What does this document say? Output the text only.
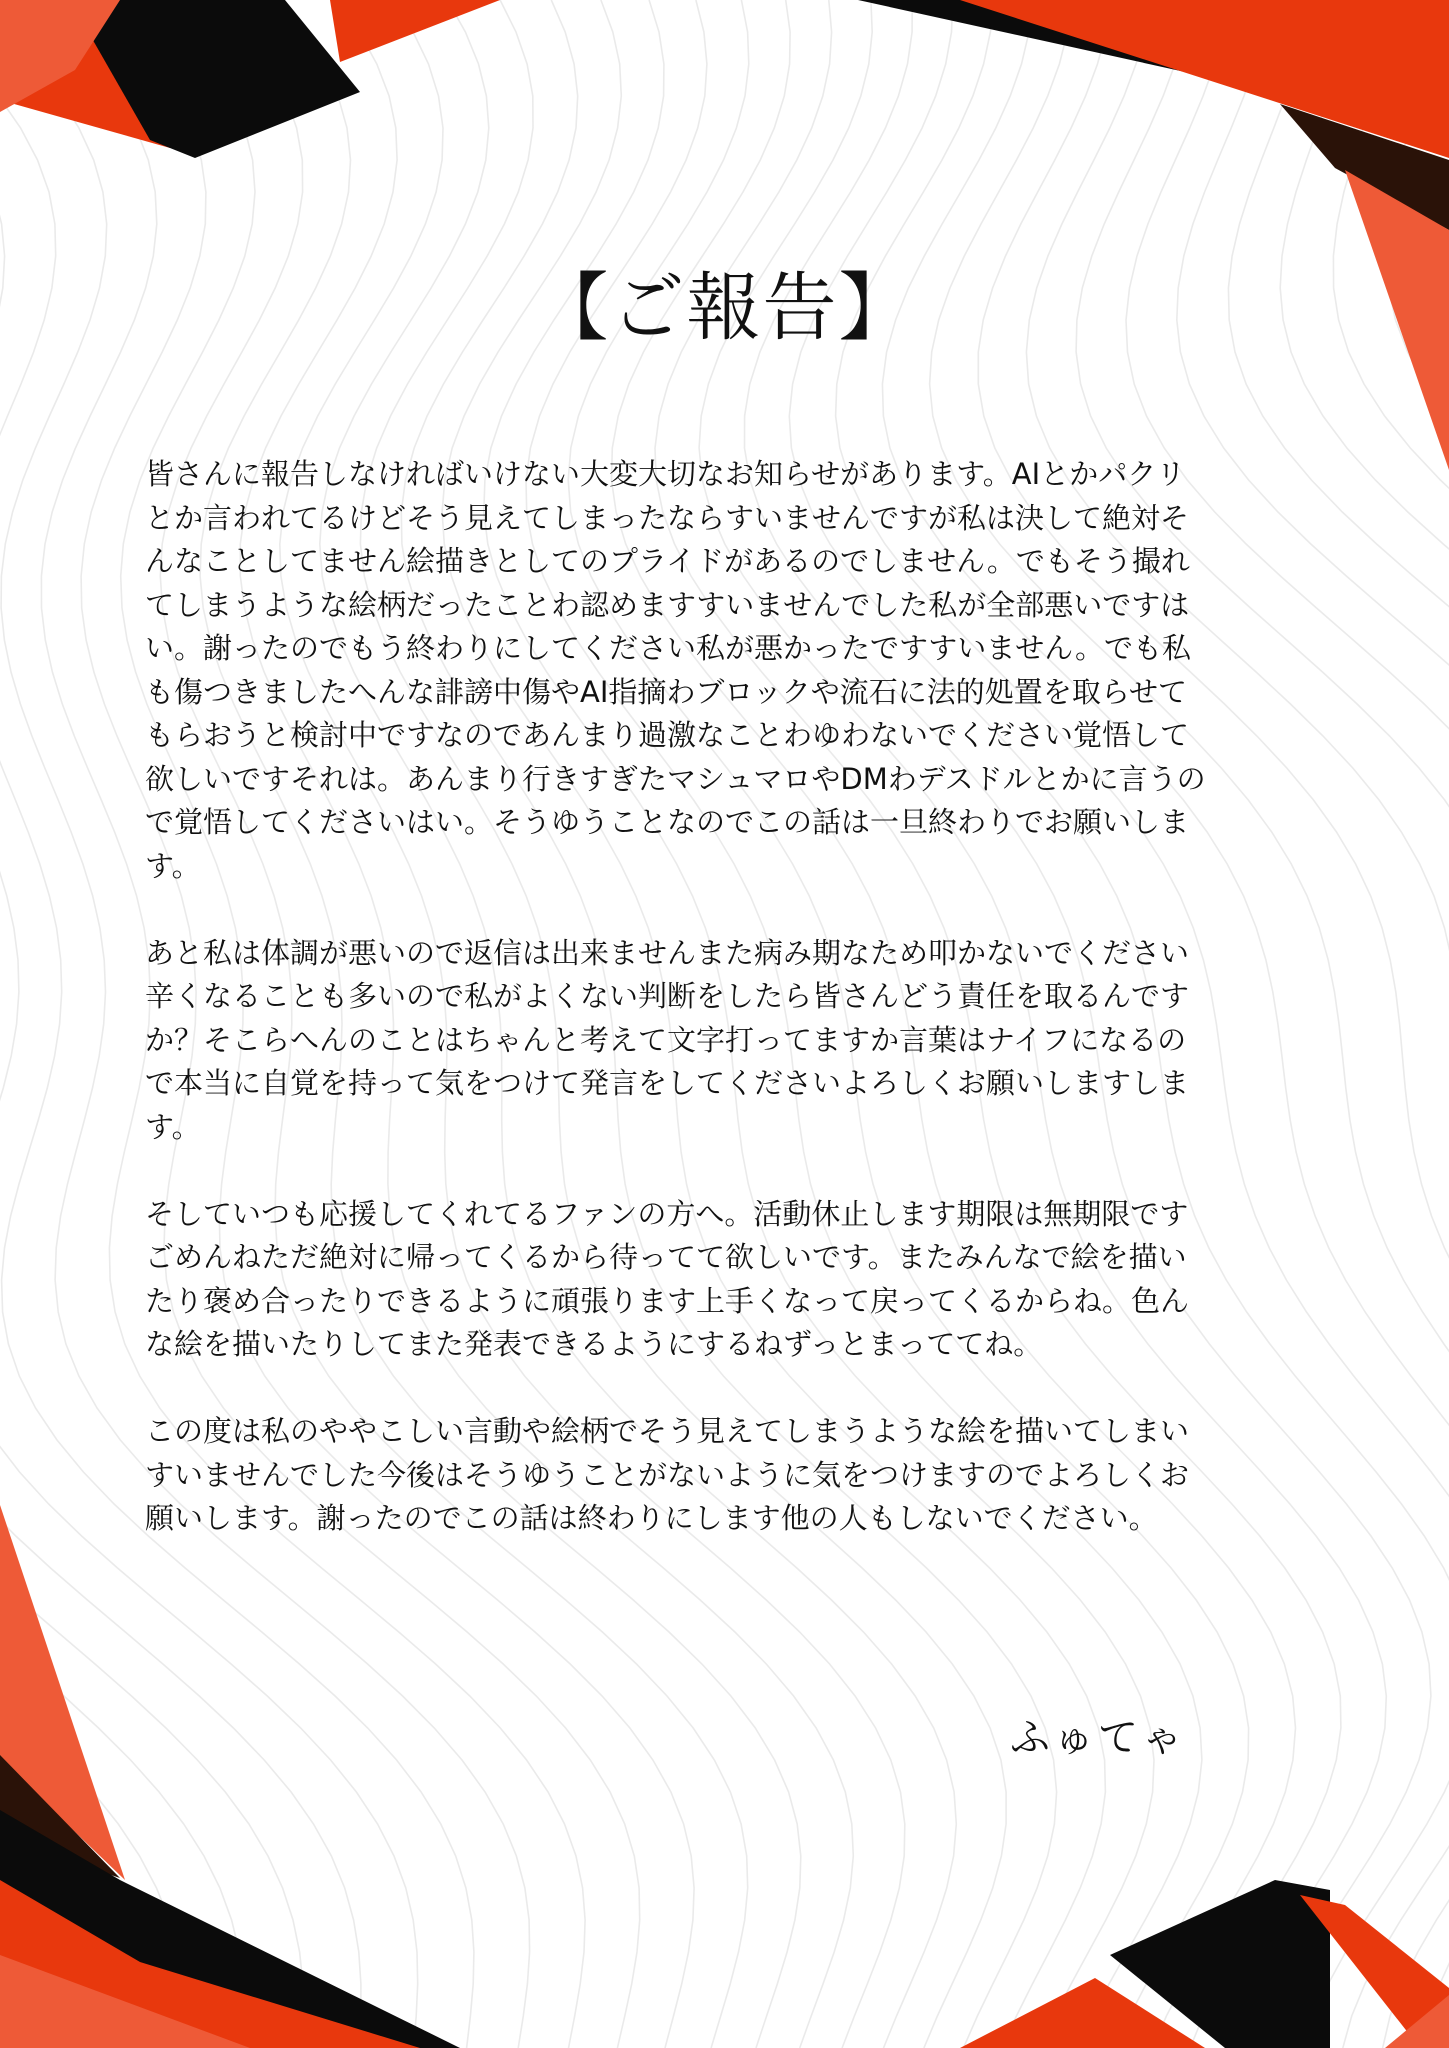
【ご報告】
皆さんに報告しなければいけない大変大切なお知らせがあります。AIとかパクリ
とか言われてるけどそう見えてしまったならすいませんですが私は決して絶対そ
んなことしてません絵描きとしてのプライドがあるのでしません。でもそう撮れ
てしまうような絵柄だったことわ認めますすいませんでした私が全部悪いですは
い。謝ったのでもう終わりにしてください私が悪かったですすいません。でも私
も傷つきましたへんな誹謗中傷やAI指摘わブロックや流石に法的処置を取らせて
もらおうと検討中ですなのであんまり過激なことわゆわないでください覚悟して
欲しいですそれは。あんまり行きすぎたマシュマロやDMわデスドルとかに言うの
で覚悟してくださいはい。そうゆうことなのでこの話は一旦終わりでお願いしま
す。
あと私は体調が悪いので返信は出来ませんまた病み期なため叩かないでください
辛くなることも多いので私がよくない判断をしたら皆さんどう責任を取るんです
か？そこらへんのことはちゃんと考えて文字打ってますか言葉はナイフになるの
で本当に自覚を持って気をつけて発言をしてくださいよろしくお願いしますしま
す。
そしていつも応援してくれてるファンの方へ。活動休止します期限は無期限です
ごめんねただ絶対に帰ってくるから待ってて欲しいです。またみんなで絵を描い
たり褒め合ったりできるように頑張ります上手くなって戻ってくるからね。色ん
な絵を描いたりしてまた発表できるようにするねずっとまっててね。
この度は私のややこしい言動や絵柄でそう見えてしまうような絵を描いてしまい
すいませんでした今後はそうゆうことがないように気をつけますのでよろしくお
願いします。謝ったのでこの話は終わりにします他の人もしないでください。
ふゅてゃ
